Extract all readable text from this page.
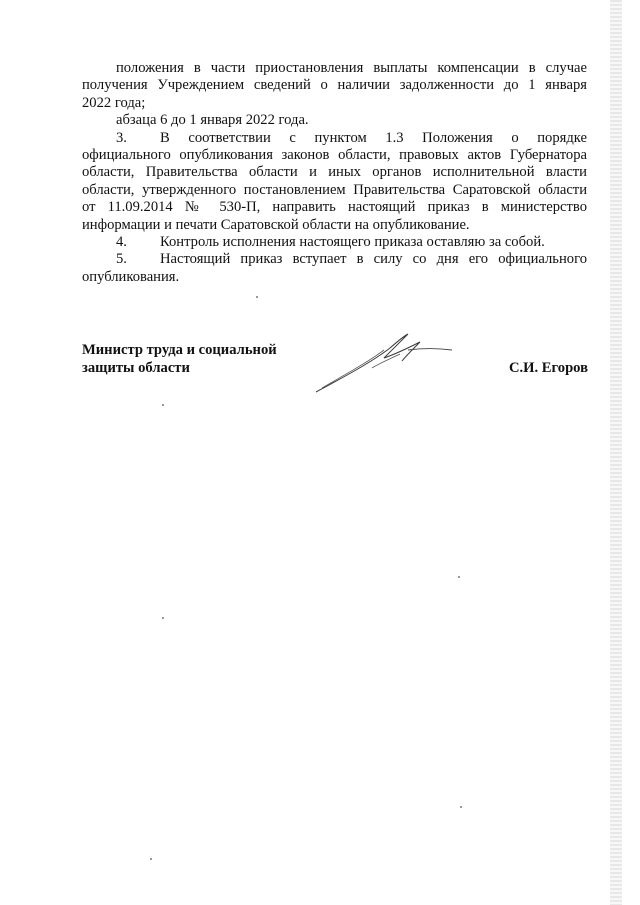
положения в части приостановления выплаты компенсации в случае
получения Учреждением сведений о наличии задолженности до 1 января
2022 года;

абзаца 6 до 1 января 2022 года.

3. В соответствии с пунктом 1.3 Положения о порядке
официального опубликования законов области, правовых актов Губернатора
области, Правительства области и иных органов исполнительной власти
области, утвержденного постановлением Правительства Саратовской области
от 11.09.2014 № 530-П, направить настоящий приказ в министерство
информации и печати Саратовской области на опубликование.

4. Контроль исполнения настоящего приказа оставляю за собой.

5. Настоящий приказ вступает в силу со дня его официального
опубликования.

Министр труда и социальной
защиты области	С.И. Егоров
